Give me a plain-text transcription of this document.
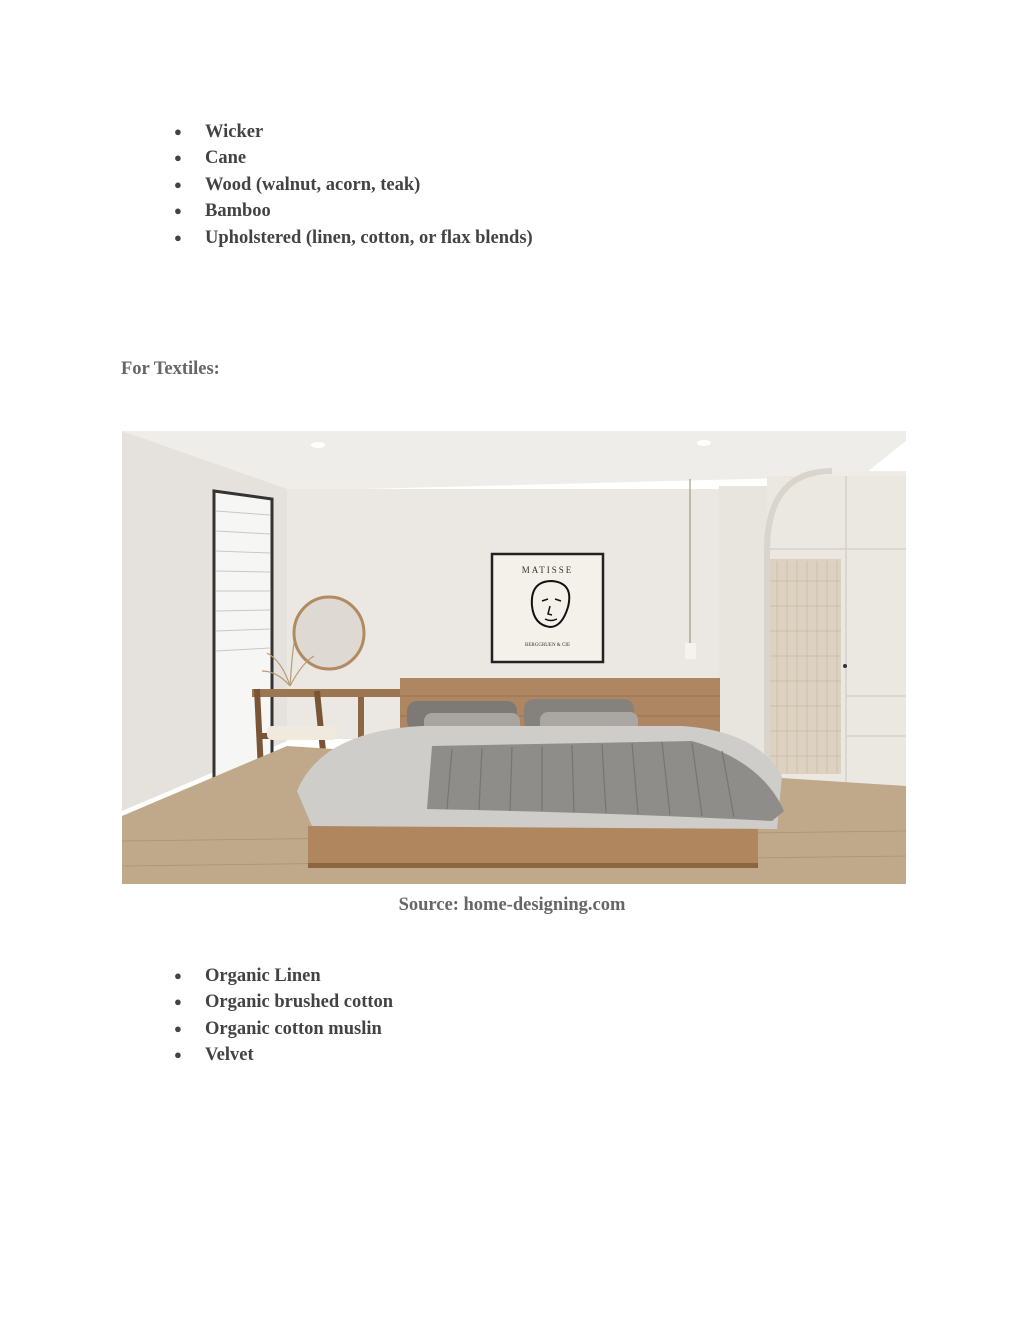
● Wicker
● Cane
● Wood (walnut, acorn, teak)
● Bamboo
● Upholstered (linen, cotton, or flax blends)
For Textiles:
MATISSE
BERGGRUEN & CIE
Source: home-designing.com
● Organic Linen
● Organic brushed cotton
● Organic cotton muslin
● Velvet
